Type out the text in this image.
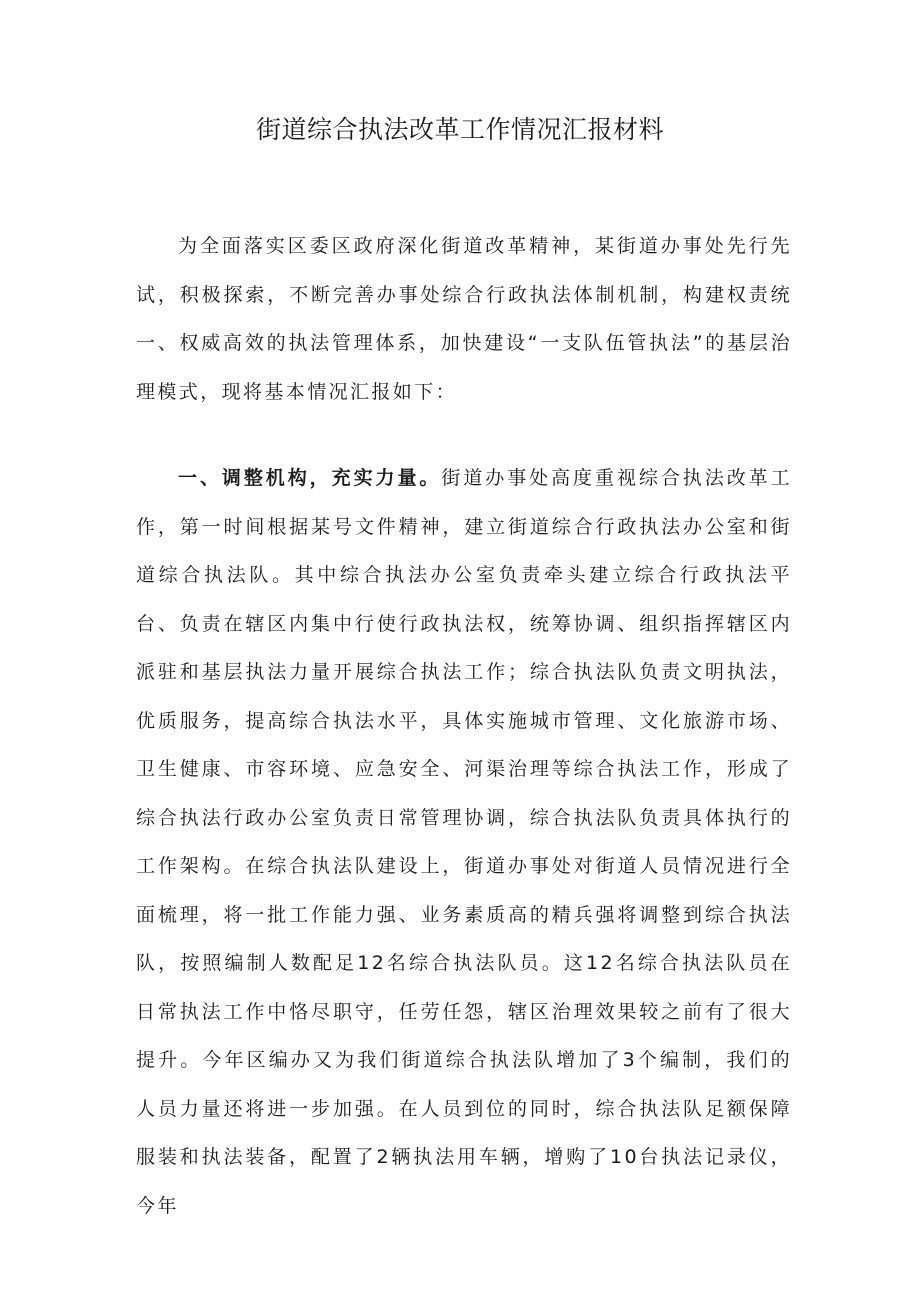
街道综合执法改革工作情况汇报材料

为全面落实区委区政府深化街道改革精神，某街道办事处先行先试，积极探索，不断完善办事处综合行政执法体制机制，构建权责统一、权威高效的执法管理体系，加快建设“一支队伍管执法”的基层治理模式，现将基本情况汇报如下：

一、调整机构，充实力量。街道办事处高度重视综合执法改革工作，第一时间根据某号文件精神，建立街道综合行政执法办公室和街道综合执法队。其中综合执法办公室负责牵头建立综合行政执法平台、负责在辖区内集中行使行政执法权，统筹协调、组织指挥辖区内派驻和基层执法力量开展综合执法工作；综合执法队负责文明执法，优质服务，提高综合执法水平，具体实施城市管理、文化旅游市场、卫生健康、市容环境、应急安全、河渠治理等综合执法工作，形成了综合执法行政办公室负责日常管理协调，综合执法队负责具体执行的工作架构。在综合执法队建设上，街道办事处对街道人员情况进行全面梳理，将一批工作能力强、业务素质高的精兵强将调整到综合执法队，按照编制人数配足12名综合执法队员。这12名综合执法队员在日常执法工作中恪尽职守，任劳任怨，辖区治理效果较之前有了很大提升。今年区编办又为我们街道综合执法队增加了3个编制，我们的人员力量还将进一步加强。在人员到位的同时，综合执法队足额保障服装和执法装备，配置了2辆执法用车辆，增购了10台执法记录仪，今年
